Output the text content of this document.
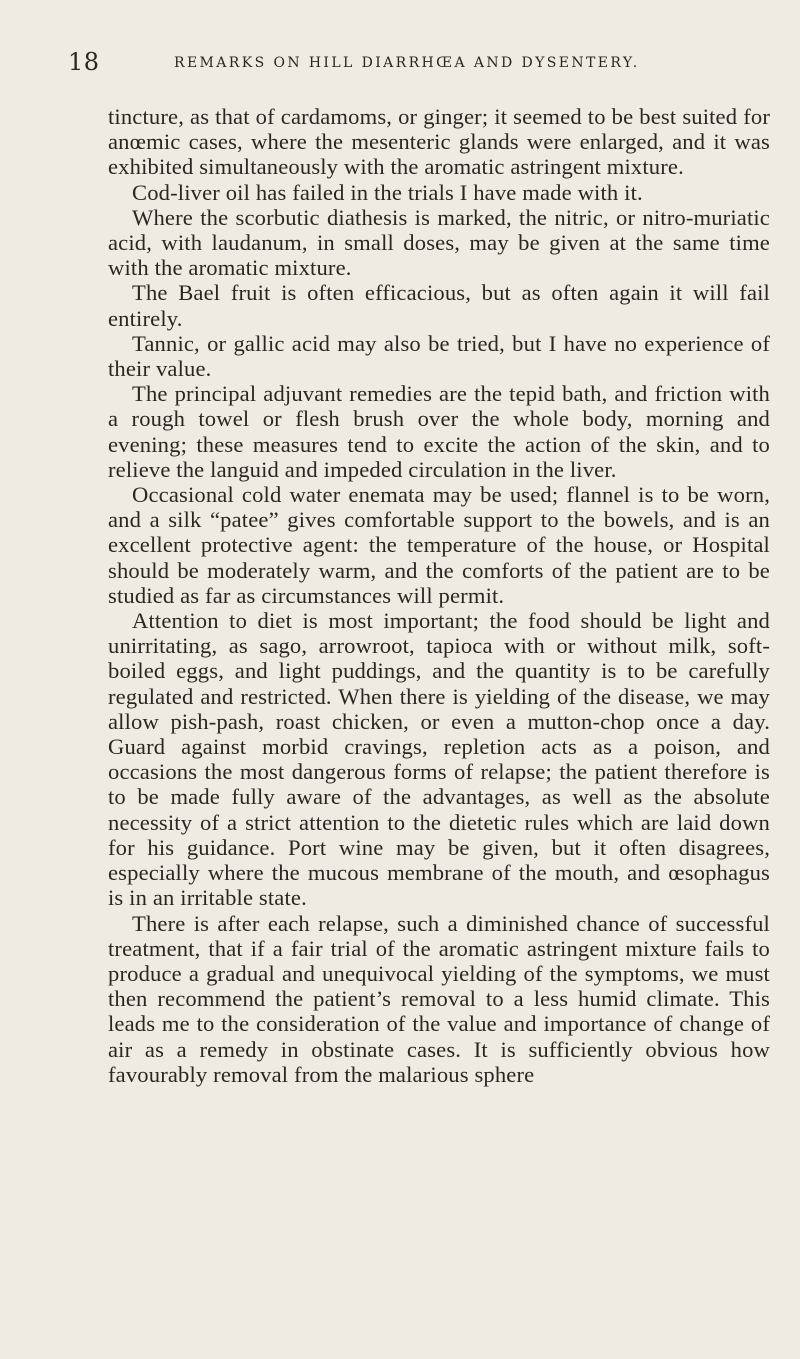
18	REMARKS ON HILL DIARRHŒA AND DYSENTERY.

tincture, as that of cardamoms, or ginger; it seemed to be best suited for anœmic cases, where the mesenteric glands were enlarged, and it was exhibited simultaneously with the aromatic astringent mixture.

Cod-liver oil has failed in the trials I have made with it.

Where the scorbutic diathesis is marked, the nitric, or nitro-muriatic acid, with laudanum, in small doses, may be given at the same time with the aromatic mixture.

The Bael fruit is often efficacious, but as often again it will fail entirely.

Tannic, or gallic acid may also be tried, but I have no experience of their value.

The principal adjuvant remedies are the tepid bath, and friction with a rough towel or flesh brush over the whole body, morning and evening; these measures tend to excite the action of the skin, and to relieve the languid and impeded circulation in the liver.

Occasional cold water enemata may be used; flannel is to be worn, and a silk “patee” gives comfortable support to the bowels, and is an excellent protective agent: the temperature of the house, or Hospital should be moderately warm, and the comforts of the patient are to be studied as far as circumstances will permit.

Attention to diet is most important; the food should be light and unirritating, as sago, arrowroot, tapioca with or without milk, soft-boiled eggs, and light puddings, and the quantity is to be carefully regulated and restricted. When there is yielding of the disease, we may allow pish-pash, roast chicken, or even a mutton-chop once a day. Guard against morbid cravings, repletion acts as a poison, and occasions the most dangerous forms of relapse; the patient therefore is to be made fully aware of the advantages, as well as the absolute necessity of a strict attention to the dietetic rules which are laid down for his guidance. Port wine may be given, but it often disagrees, especially where the mucous membrane of the mouth, and œsophagus is in an irritable state.

There is after each relapse, such a diminished chance of successful treatment, that if a fair trial of the aromatic astringent mixture fails to produce a gradual and unequivocal yielding of the symptoms, we must then recommend the patient’s removal to a less humid climate. This leads me to the consideration of the value and importance of change of air as a remedy in obstinate cases. It is sufficiently obvious how favourably removal from the malarious sphere
